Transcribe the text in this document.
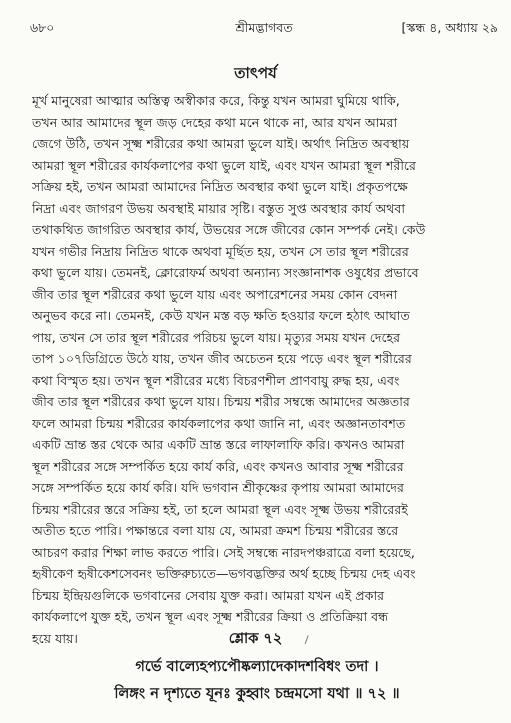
৬৮০	শ্রীমদ্ভাগবত	[স্কন্ধ ৪, অধ্যায় ২৯
তাৎপর্য
মূর্খ মানুষেরা আত্মার অস্তিত্ব অস্বীকার করে, কিন্তু যখন আমরা ঘুমিয়ে থাকি,
তখন আর আমাদের স্থূল জড় দেহের কথা মনে থাকে না, আর যখন আমরা
জেগে উঠি, তখন সূক্ষ্ম শরীরের কথা আমরা ভুলে যাই। অর্থাৎ নিদ্রিত অবস্থায়
আমরা স্থূল শরীরের কার্যকলাপের কথা ভুলে যাই, এবং যখন আমরা স্থূল শরীরে
সক্রিয় হই, তখন আমরা আমাদের নিদ্রিত অবস্থার কথা ভুলে যাই। প্রকৃতপক্ষে
নিদ্রা এবং জাগরণ উভয় অবস্থাই মায়ার সৃষ্টি। বস্তুত সুপ্ত অবস্থার কার্য অথবা
তথাকথিত জাগরিত অবস্থার কার্য, উভয়ের সঙ্গে জীবের কোন সম্পর্ক নেই। কেউ
যখন গভীর নিদ্রায় নিদ্রিত থাকে অথবা মূর্ছিত হয়, তখন সে তার স্থূল শরীরের
কথা ভুলে যায়। তেমনই, ক্লোরোফর্ম অথবা অন্যান্য সংজ্ঞানাশক ওষুধের প্রভাবে
জীব তার স্থূল শরীরের কথা ভুলে যায় এবং অপারেশনের সময় কোন বেদনা
অনুভব করে না। তেমনই, কেউ যখন মস্ত বড় ক্ষতি হওয়ার ফলে হঠাৎ আঘাত
পায়, তখন সে তার স্থূল শরীরের পরিচয় ভুলে যায়। মৃত্যুর সময় যখন দেহের
তাপ ১০৭ডিগ্রিতে উঠে যায়, তখন জীব অচেতন হয়ে পড়ে এবং স্থূল শরীরের
কথা বিস্মৃত হয়। তখন স্থূল শরীরের মধ্যে বিচরণশীল প্রাণবায়ু রুদ্ধ হয়, এবং
জীব তার স্থূল শরীরের কথা ভুলে যায়। চিন্ময় শরীর সম্বন্ধে আমাদের অজ্ঞতার
ফলে আমরা চিন্ময় শরীরের কার্যকলাপের কথা জানি না, এবং অজ্ঞানতাবশত
একটি ভ্রান্ত স্তর থেকে আর একটি ভ্রান্ত স্তরে লাফালাফি করি। কখনও আমরা
স্থূল শরীরের সঙ্গে সম্পর্কিত হয়ে কার্য করি, এবং কখনও আবার সূক্ষ্ম শরীরের
সঙ্গে সম্পর্কিত হয়ে কার্য করি। যদি ভগবান শ্রীকৃষ্ণের কৃপায় আমরা আমাদের
চিন্ময় শরীরের স্তরে সক্রিয় হই, তা হলে আমরা স্থূল এবং সূক্ষ্ম উভয় শরীরেরই
অতীত হতে পারি। পক্ষান্তরে বলা যায় যে, আমরা ক্রমশ চিন্ময় শরীরের স্তরে
আচরণ করার শিক্ষা লাভ করতে পারি। সেই সম্বন্ধে নারদপঞ্চরাত্রে বলা হয়েছে,
হৃষীকেণ হৃষীকেশসেবনং ভক্তিরুচ্যতে—ভগবদ্ভক্তির অর্থ হচ্ছে চিন্ময় দেহ এবং
চিন্ময় ইন্দ্রিয়গুলিকে ভগবানের সেবায় যুক্ত করা। আমরা যখন এই প্রকার
কার্যকলাপে যুক্ত হই, তখন স্থূল এবং সূক্ষ্ম শরীরের ক্রিয়া ও প্রতিক্রিয়া বন্ধ
হয়ে যায়।	শ্লোক ৭২
গর্ভে বাল্যেহপ্যপৌষ্কল্যাদেকাদশবিধং তদা ।
লিঙ্গং ন দৃশ্যতে যূনঃ কুহ্বাং চন্দ্রমসো যথা ॥ ৭২ ॥
